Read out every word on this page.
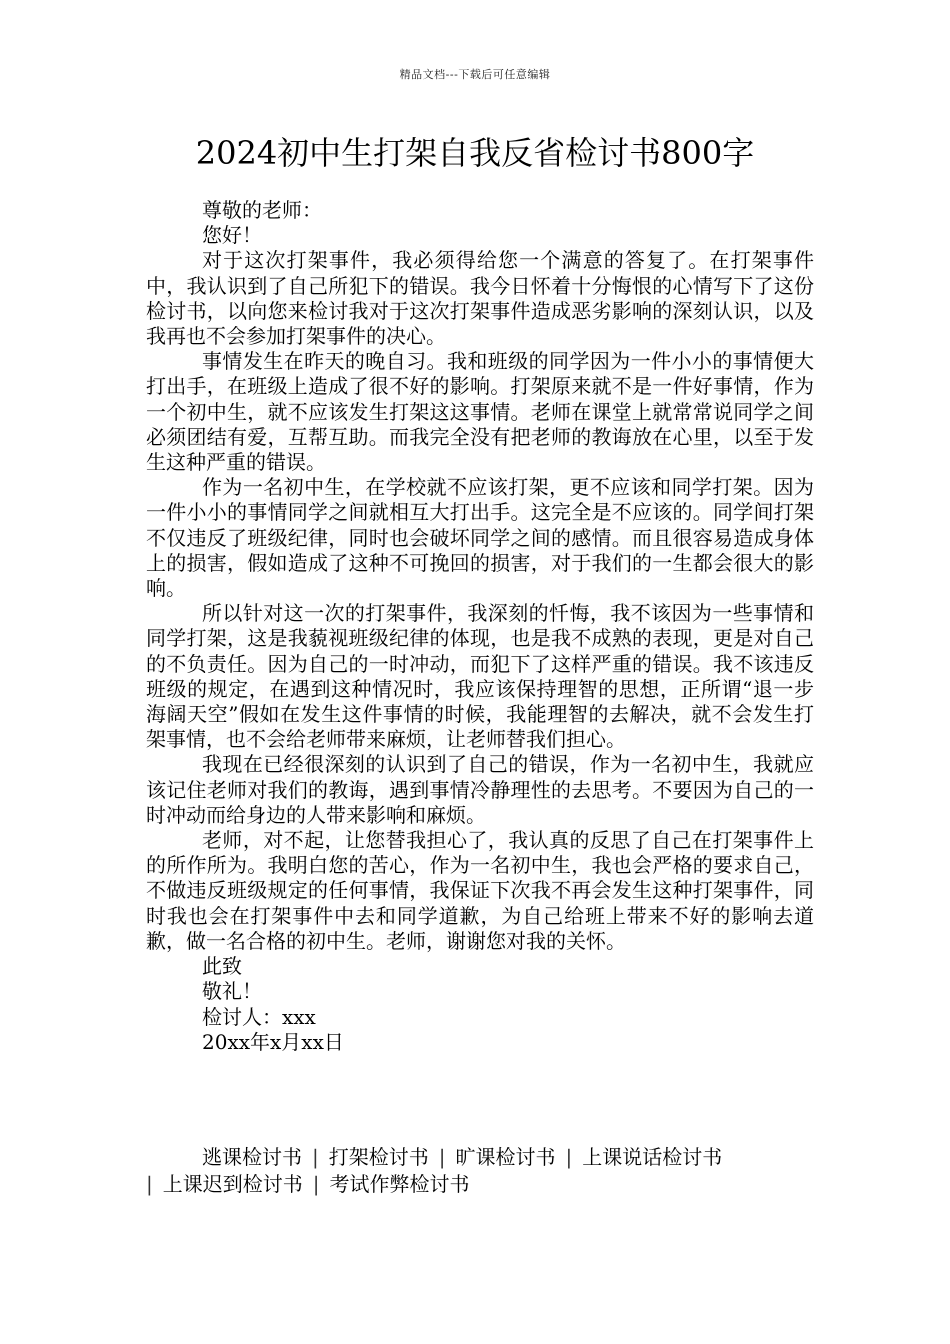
精品文档---下载后可任意编辑
2024初中生打架自我反省检讨书800字

尊敬的老师：

您好！

对于这次打架事件，我必须得给您一个满意的答复了。在打架事件中，我认识到了自己所犯下的错误。我今日怀着十分悔恨的心情写下了这份检讨书，以向您来检讨我对于这次打架事件造成恶劣影响的深刻认识，以及我再也不会参加打架事件的决心。

事情发生在昨天的晚自习。我和班级的同学因为一件小小的事情便大打出手，在班级上造成了很不好的影响。打架原来就不是一件好事情，作为一个初中生，就不应该发生打架这这事情。老师在课堂上就常常说同学之间必须团结有爱，互帮互助。而我完全没有把老师的教诲放在心里，以至于发生这种严重的错误。

作为一名初中生，在学校就不应该打架，更不应该和同学打架。因为一件小小的事情同学之间就相互大打出手。这完全是不应该的。同学间打架不仅违反了班级纪律，同时也会破坏同学之间的感情。而且很容易造成身体上的损害，假如造成了这种不可挽回的损害，对于我们的一生都会很大的影响。

所以针对这一次的打架事件，我深刻的忏悔，我不该因为一些事情和同学打架，这是我藐视班级纪律的体现，也是我不成熟的表现，更是对自己的不负责任。因为自己的一时冲动，而犯下了这样严重的错误。我不该违反班级的规定，在遇到这种情况时，我应该保持理智的思想，正所谓“退一步海阔天空”假如在发生这件事情的时候，我能理智的去解决，就不会发生打架事情，也不会给老师带来麻烦，让老师替我们担心。

我现在已经很深刻的认识到了自己的错误，作为一名初中生，我就应该记住老师对我们的教诲，遇到事情冷静理性的去思考。不要因为自己的一时冲动而给身边的人带来影响和麻烦。

老师，对不起，让您替我担心了，我认真的反思了自己在打架事件上的所作所为。我明白您的苦心，作为一名初中生，我也会严格的要求自己，不做违反班级规定的任何事情，我保证下次我不再会发生这种打架事件，同时我也会在打架事件中去和同学道歉，为自己给班上带来不好的影响去道歉，做一名合格的初中生。老师，谢谢您对我的关怀。

此致

敬礼！

检讨人：xxx

20xx年x月xx日

逃课检讨书 | 打架检讨书 | 旷课检讨书 | 上课说话检讨书
| 上课迟到检讨书 | 考试作弊检讨书
